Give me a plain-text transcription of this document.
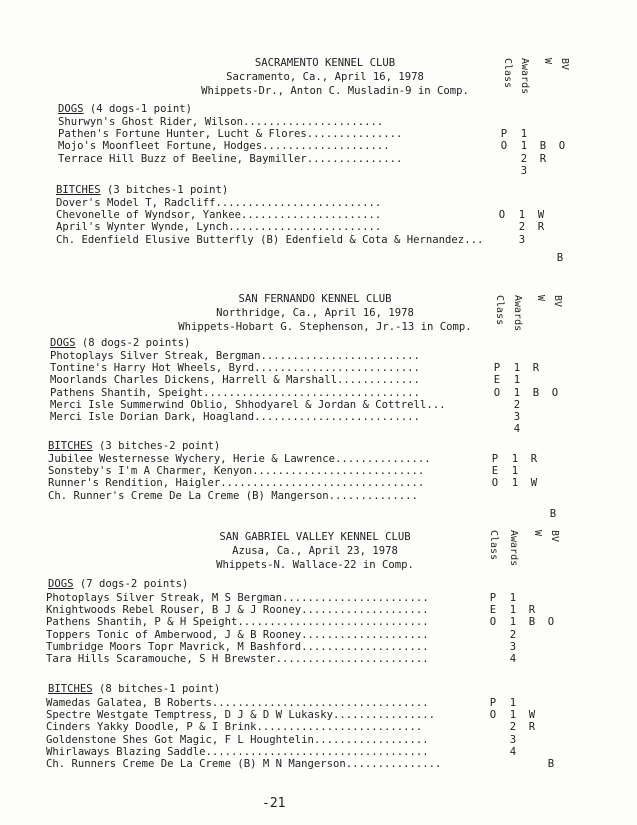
SACRAMENTO KENNEL CLUB
Sacramento, Ca., April 16, 1978
Whippets-Dr., Anton C. Musladin-9 in Comp.
Class Awards W BV
DOGS (4 dogs-1 point)
Shurwyn's Ghost Rider, Wilson......................
Pathen's Fortune Hunter, Lucht & Flores...............	P 1
Mojo's Moonfleet Fortune, Hodges....................	O 1 B O
Terrace Hill Buzz of Beeline, Baymiller...............	2 R
3
BITCHES (3 bitches-1 point)
Dover's Model T, Radcliff..........................
Chevonelle of Wyndsor, Yankee......................	O 1 W
April's Wynter Wynde, Lynch........................	2 R
Ch. Edenfield Elusive Butterfly (B) Edenfield & Cota & Hernandez...	3
B
SAN FERNANDO KENNEL CLUB
Northridge, Ca., April 16, 1978
Whippets-Hobart G. Stephenson, Jr.-13 in Comp.
Class Awards W BV
DOGS (8 dogs-2 points)
Photoplays Silver Streak, Bergman.........................
Tontine's Harry Hot Wheels, Byrd..........................	P 1 R
Moorlands Charles Dickens, Harrell & Marshall.............	E 1
Pathens Shantih, Speight..................................	O 1 B O
Merci Isle Summerwind Oblio, Shhodyarel & Jordan & Cottrell...	2
Merci Isle Dorian Dark, Hoagland..........................	3
4
BITCHES (3 bitches-2 point)
Jubilee Westernesse Wychery, Herie & Lawrence...............	P 1 R
Sonsteby's I'm A Charmer, Kenyon...........................	E 1
Runner's Rendition, Haigler................................	O 1 W
Ch. Runner's Creme De La Creme (B) Mangerson..............
B
SAN GABRIEL VALLEY KENNEL CLUB
Azusa, Ca., April 23, 1978
Whippets-N. Wallace-22 in Comp.
Class Awards W BV
DOGS (7 dogs-2 points)
Photoplays Silver Streak, M S Bergman.......................	P 1
Knightwoods Rebel Rouser, B J & J Rooney....................	E 1 R
Pathens Shantih, P & H Speight..............................	O 1 B O
Toppers Tonic of Amberwood, J & B Rooney....................	2
Tumbridge Moors Topr Mavrick, M Bashford....................	3
Tara Hills Scaramouche, S H Brewster........................	4
BITCHES (8 bitches-1 point)
Wamedas Galatea, B Roberts..................................	P 1
Spectre Westgate Temptress, D J & D W Lukasky................	O 1 W
Cinders Yakky Doodle, P & I Brink..........................	2 R
Goldenstone Shes Got Magic, F L Houghtelin..................	3
Whirlaways Blazing Saddle...................................	4
Ch. Runners Creme De La Creme (B) M N Mangerson...............	B
-21
